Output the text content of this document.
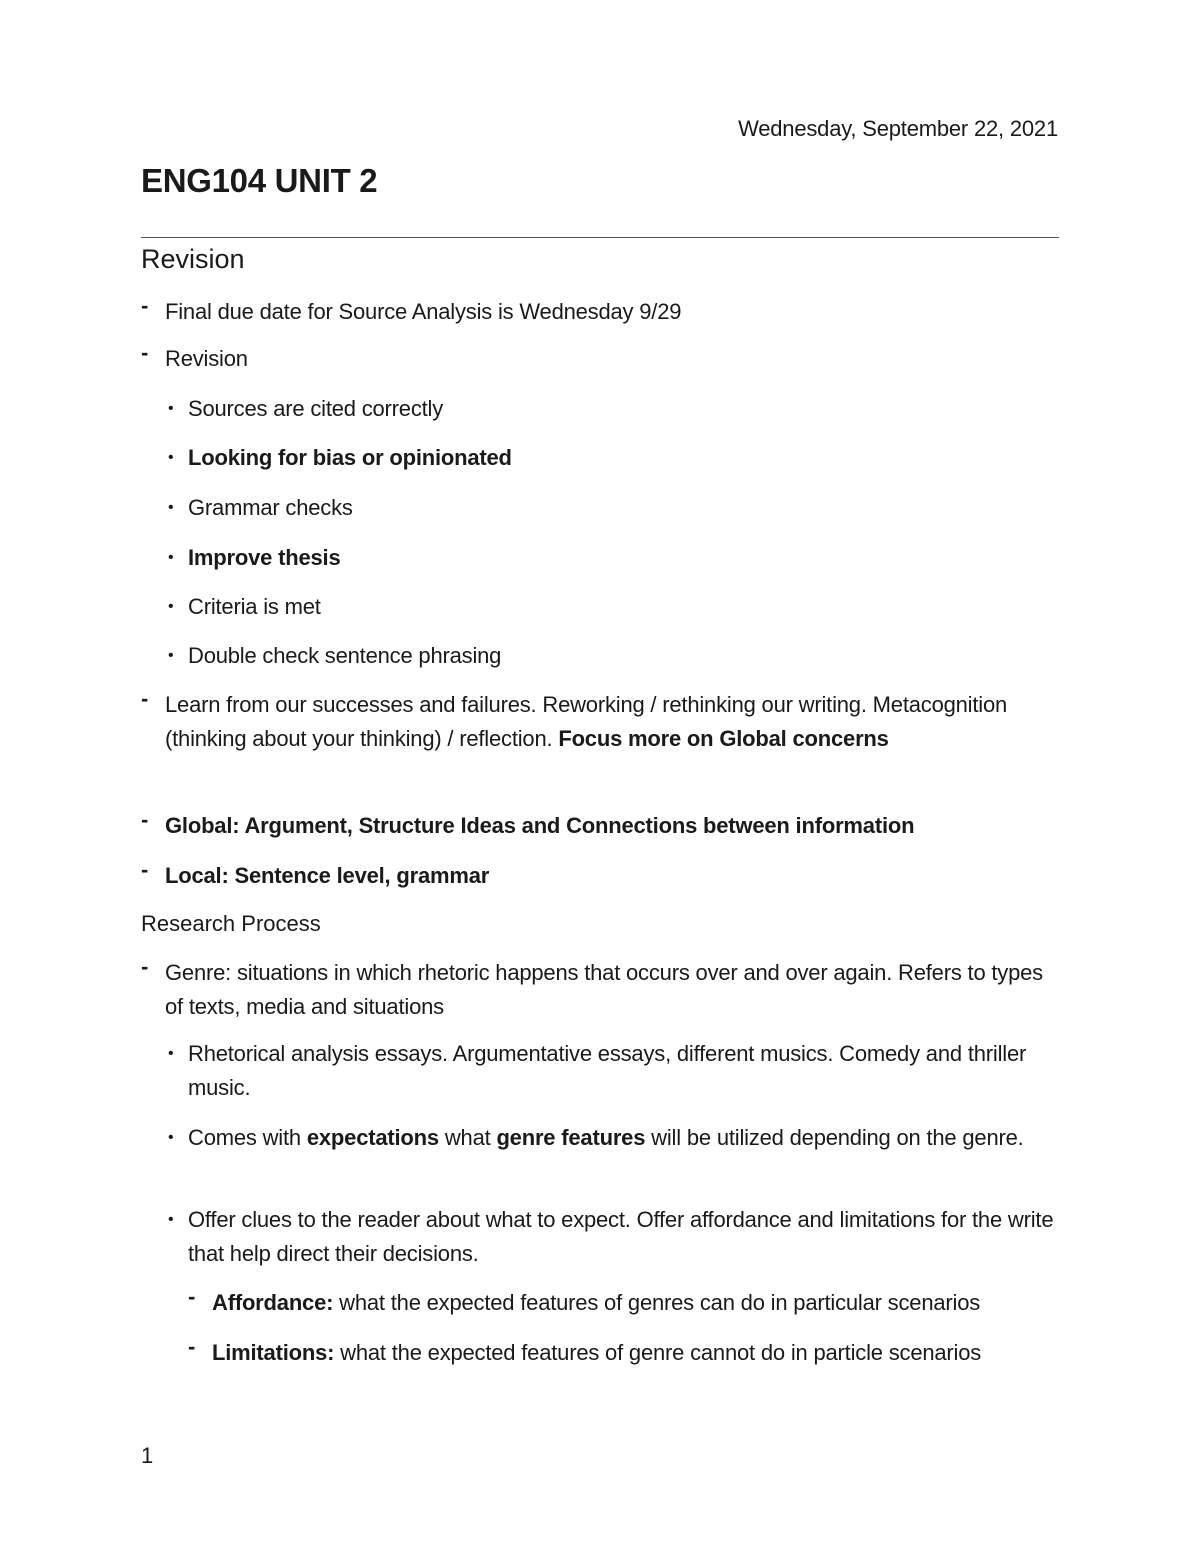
Wednesday, September 22, 2021
ENG104 UNIT 2
Revision
- Final due date for Source Analysis is Wednesday 9/29
- Revision
• Sources are cited correctly
• Looking for bias or opinionated
• Grammar checks
• Improve thesis
• Criteria is met
• Double check sentence phrasing
- Learn from our successes and failures. Reworking / rethinking our writing. Metacognition (thinking about your thinking) / reflection. Focus more on Global concerns
- Global: Argument, Structure Ideas and Connections between information
- Local: Sentence level, grammar
Research Process
- Genre: situations in which rhetoric happens that occurs over and over again. Refers to types of texts, media and situations
• Rhetorical analysis essays. Argumentative essays, different musics. Comedy and thriller music.
• Comes with expectations what genre features will be utilized depending on the genre.
• Offer clues to the reader about what to expect. Offer affordance and limitations for the write that help direct their decisions.
- Affordance: what the expected features of genres can do in particular scenarios
- Limitations: what the expected features of genre cannot do in particle scenarios
1
